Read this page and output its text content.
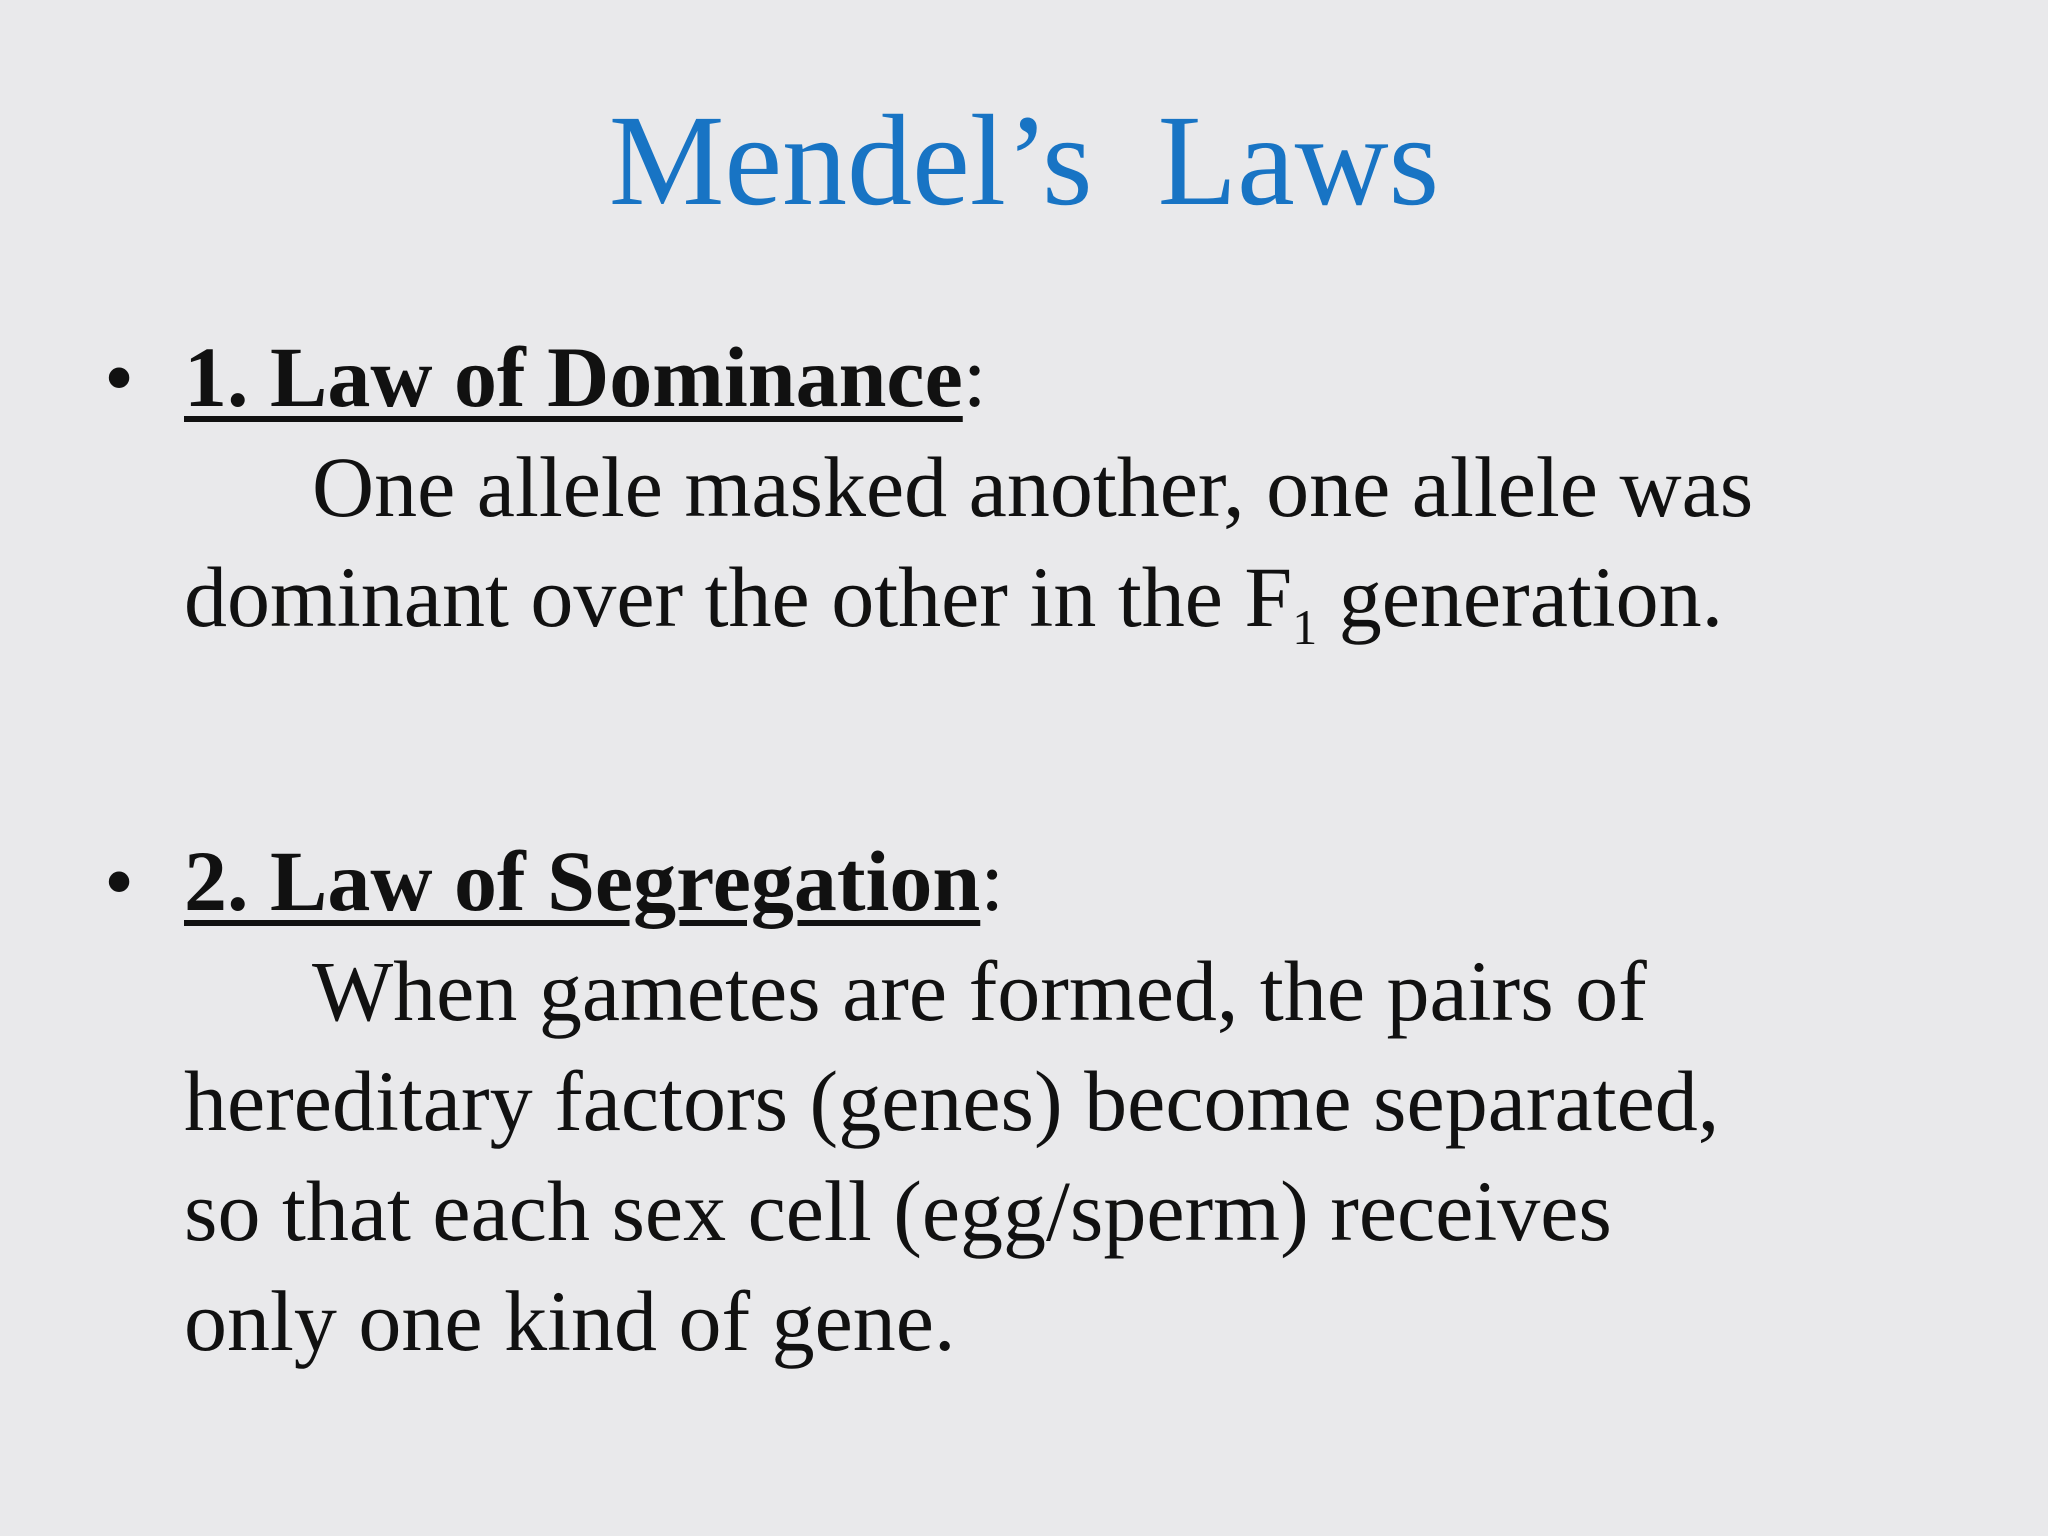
Mendel’s  Laws
• 1. Law of Dominance:
One allele masked another, one allele was
dominant over the other in the $F_1$ generation.
• 2. Law of Segregation:
When gametes are formed, the pairs of
hereditary factors (genes) become separated,
so that each sex cell (egg/sperm) receives
only one kind of gene.
